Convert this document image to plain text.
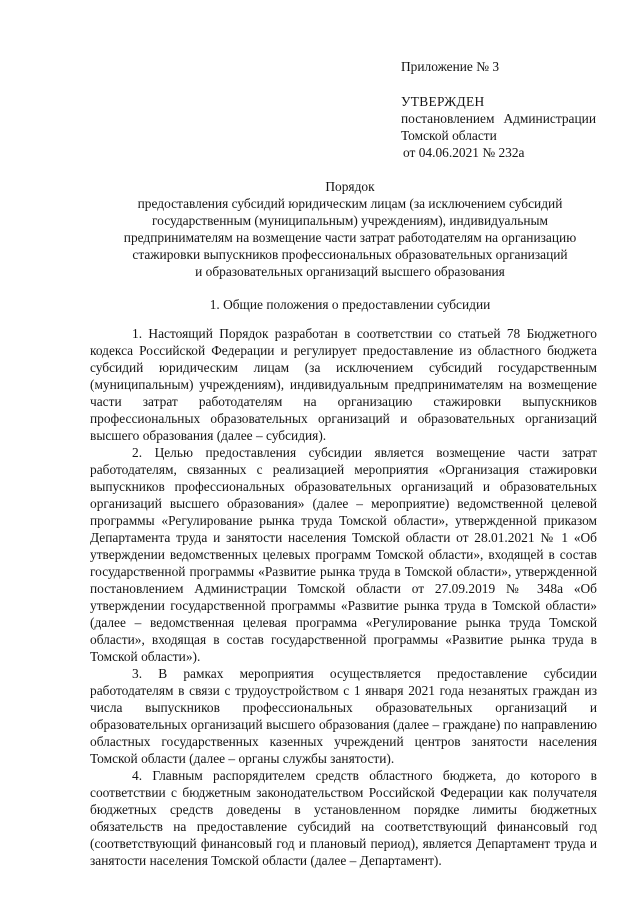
Приложение № 3
УТВЕРЖДЕН
постановлением Администрации
Томской области
от 04.06.2021 № 232а
Порядок
предоставления субсидий юридическим лицам (за исключением субсидий
государственным (муниципальным) учреждениям), индивидуальным
предпринимателям на возмещение части затрат работодателям на организацию
стажировки выпускников профессиональных образовательных организаций
и образовательных организаций высшего образования
1. Общие положения о предоставлении субсидии

1. Настоящий Порядок разработан в соответствии со статьей 78 Бюджетного кодекса Российской Федерации и регулирует предоставление из областного бюджета субсидий юридическим лицам (за исключением субсидий государственным (муниципальным) учреждениям), индивидуальным предпринимателям на возмещение части затрат работодателям на организацию стажировки выпускников профессиональных образовательных организаций и образовательных организаций высшего образования (далее – субсидия).

2. Целью предоставления субсидии является возмещение части затрат работодателям, связанных с реализацией мероприятия «Организация стажировки выпускников профессиональных образовательных организаций и образовательных организаций высшего образования» (далее – мероприятие) ведомственной целевой программы «Регулирование рынка труда Томской области», утвержденной приказом Департамента труда и занятости населения Томской области от 28.01.2021 № 1 «Об утверждении ведомственных целевых программ Томской области», входящей в состав государственной программы «Развитие рынка труда в Томской области», утвержденной постановлением Администрации Томской области от 27.09.2019 № 348а «Об утверждении государственной программы «Развитие рынка труда в Томской области» (далее – ведомственная целевая программа «Регулирование рынка труда Томской области», входящая в состав государственной программы «Развитие рынка труда в Томской области»).

3. В рамках мероприятия осуществляется предоставление субсидии работодателям в связи с трудоустройством с 1 января 2021 года незанятых граждан из числа выпускников профессиональных образовательных организаций и образовательных организаций высшего образования (далее – граждане) по направлению областных государственных казенных учреждений центров занятости населения Томской области (далее – органы службы занятости).

4. Главным распорядителем средств областного бюджета, до которого в соответствии с бюджетным законодательством Российской Федерации как получателя бюджетных средств доведены в установленном порядке лимиты бюджетных обязательств на предоставление субсидий на соответствующий финансовый год (соответствующий финансовый год и плановый период), является Департамент труда и занятости населения Томской области (далее – Департамент).
